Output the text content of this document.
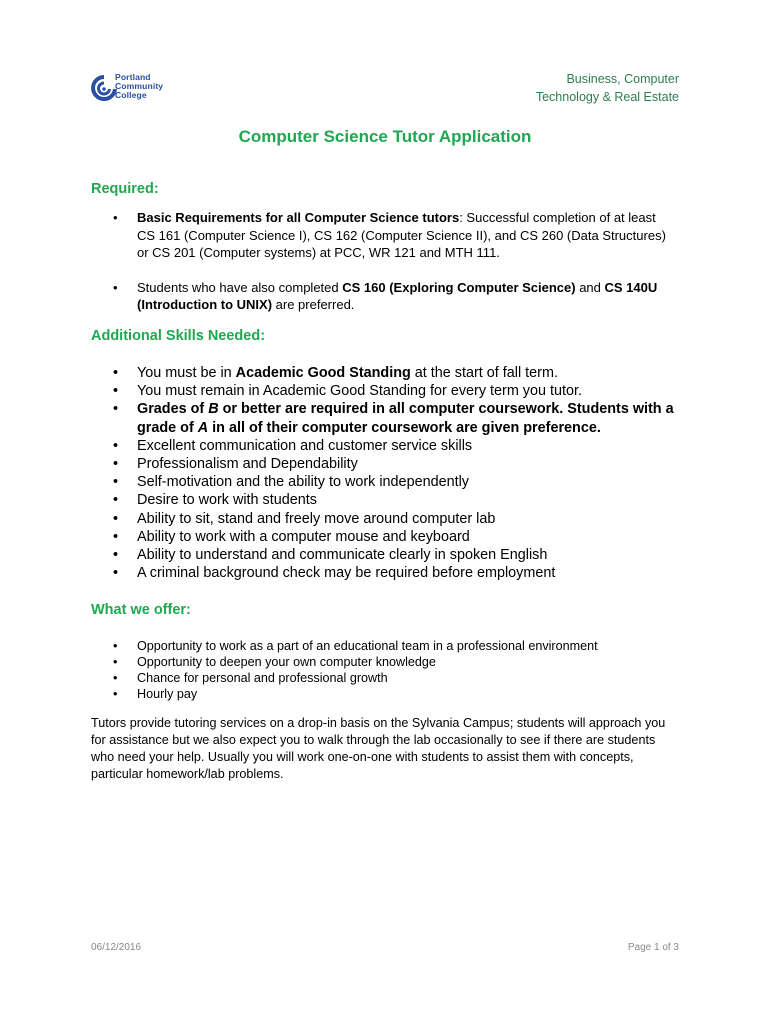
Portland
Community
College
Business, Computer
Technology & Real Estate
Computer Science Tutor Application
Required:
• Basic Requirements for all Computer Science tutors: Successful completion of at least CS 161 (Computer Science I), CS 162 (Computer Science II), and CS 260 (Data Structures) or CS 201 (Computer systems) at PCC, WR 121 and MTH 111.
• Students who have also completed CS 160 (Exploring Computer Science) and CS 140U (Introduction to UNIX) are preferred.
Additional Skills Needed:
• You must be in Academic Good Standing at the start of fall term.
• You must remain in Academic Good Standing for every term you tutor.
• Grades of B or better are required in all computer coursework. Students with a grade of A in all of their computer coursework are given preference.
• Excellent communication and customer service skills
• Professionalism and Dependability
• Self-motivation and the ability to work independently
• Desire to work with students
• Ability to sit, stand and freely move around computer lab
• Ability to work with a computer mouse and keyboard
• Ability to understand and communicate clearly in spoken English
• A criminal background check may be required before employment
What we offer:
• Opportunity to work as a part of an educational team in a professional environment
• Opportunity to deepen your own computer knowledge
• Chance for personal and professional growth
• Hourly pay
Tutors provide tutoring services on a drop-in basis on the Sylvania Campus; students will approach you for assistance but we also expect you to walk through the lab occasionally to see if there are students who need your help. Usually you will work one-on-one with students to assist them with concepts, particular homework/lab problems.
06/12/2016	Page 1 of 3
